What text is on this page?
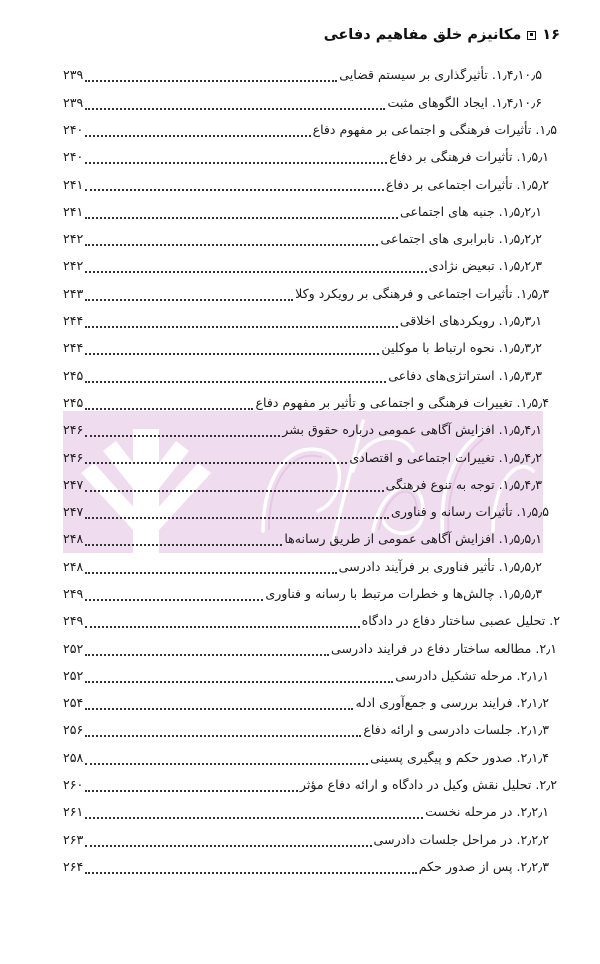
۱۶
مکانیزم خلق مفاهیم دفاعی
۱٫۴٫۱۰٫۵.
تأثیرگذاری بر سیستم قضایی
۲۳۹
۱٫۴٫۱۰٫۶.
ایجاد الگوهای مثبت
۲۳۹
۱٫۵.
تأثیرات فرهنگی و اجتماعی بر مفهوم دفاع
۲۴۰
۱٫۵٫۱.
تأثیرات فرهنگی بر دفاع
۲۴۰
۱٫۵٫۲.
تأثیرات اجتماعی بر دفاع
۲۴۱
۱٫۵٫۲٫۱.
جنبه های اجتماعی
۲۴۱
۱٫۵٫۲٫۲.
نابرابری های اجتماعی
۲۴۲
۱٫۵٫۲٫۳.
تبعیض نژادی
۲۴۲
۱٫۵٫۳.
تأثیرات اجتماعی و فرهنگی بر رویکرد وکلا
۲۴۳
۱٫۵٫۳٫۱.
رویکردهای اخلاقی
۲۴۴
۱٫۵٫۳٫۲.
نحوه ارتباط با موکلین
۲۴۴
۱٫۵٫۳٫۳.
استراتژی‌های دفاعی
۲۴۵
۱٫۵٫۴.
تغییرات فرهنگی و اجتماعی و تأثیر بر مفهوم دفاع
۲۴۵
۱٫۵٫۴٫۱.
افزایش آگاهی عمومی درباره حقوق بشر
۲۴۶
۱٫۵٫۴٫۲.
تغییرات اجتماعی و اقتصادی
۲۴۶
۱٫۵٫۴٫۳.
توجه به تنوع فرهنگی
۲۴۷
۱٫۵٫۵.
تأثیرات رسانه و فناوری
۲۴۷
۱٫۵٫۵٫۱.
افزایش آگاهی عمومی از طریق رسانه‌ها
۲۴۸
۱٫۵٫۵٫۲.
تأثیر فناوری بر فرآیند دادرسی
۲۴۸
۱٫۵٫۵٫۳.
چالش‌ها و خطرات مرتبط با رسانه و فناوری
۲۴۹
۲.
تحلیل عصبی ساختار دفاع در دادگاه
۲۴۹
۲٫۱.
مطالعه ساختار دفاع در فرایند دادرسی
۲۵۲
۲٫۱٫۱.
مرحله تشکیل دادرسی
۲۵۲
۲٫۱٫۲.
فرایند بررسی و جمع‌آوری ادله
۲۵۴
۲٫۱٫۳.
جلسات دادرسی و ارائه دفاع
۲۵۶
۲٫۱٫۴.
صدور حکم و پیگیری پسینی
۲۵۸
۲٫۲.
تحلیل نقش وکیل در دادگاه و ارائه دفاع مؤثر
۲۶۰
۲٫۲٫۱.
در مرحله نخست
۲۶۱
۲٫۲٫۲.
در مراحل جلسات دادرسی
۲۶۳
۲٫۲٫۳.
پس از صدور حکم
۲۶۴
